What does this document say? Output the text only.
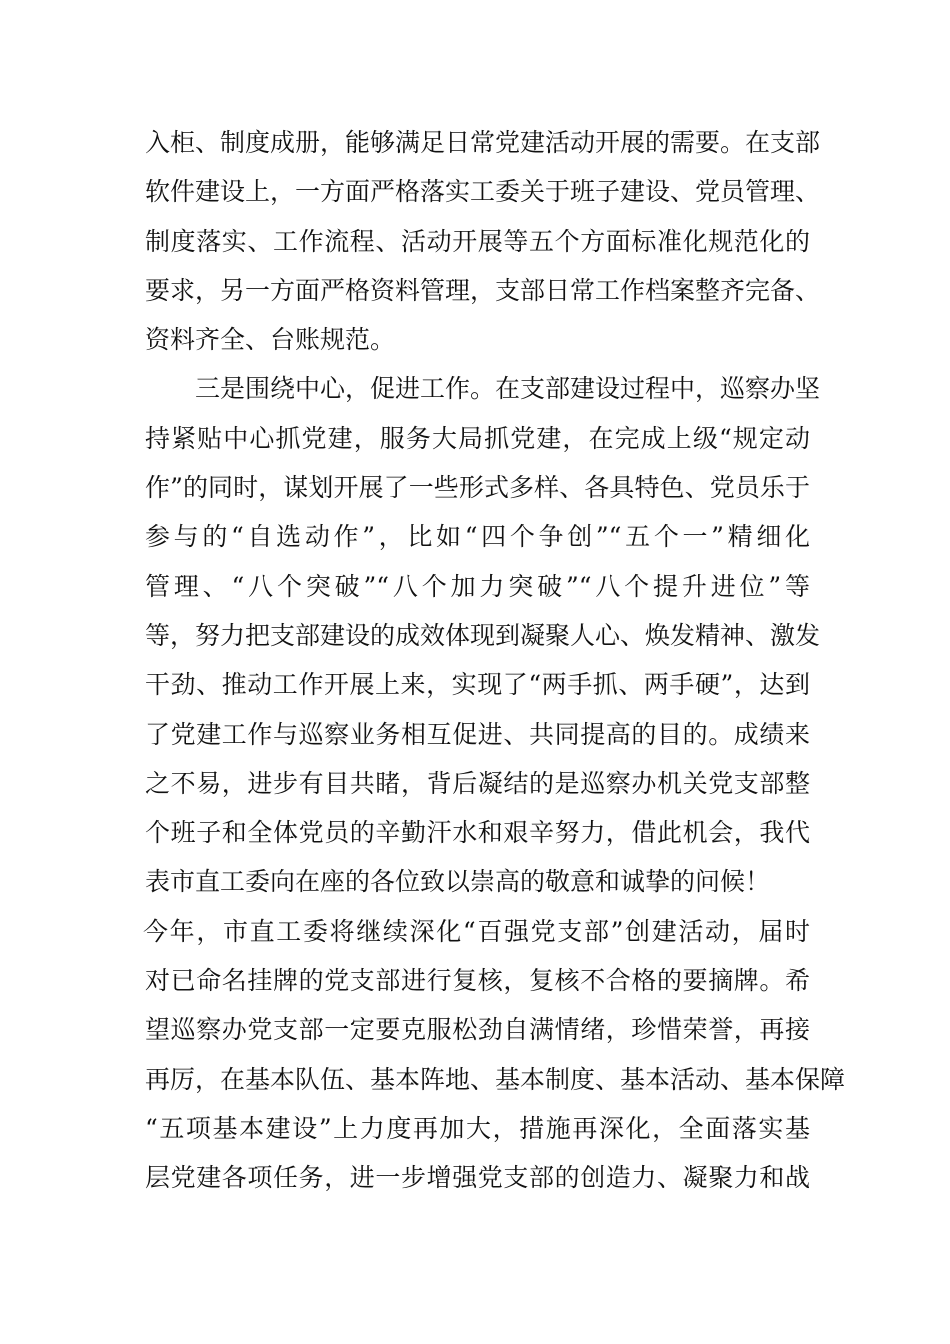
入柜、制度成册，能够满足日常党建活动开展的需要。在支部
软件建设上，一方面严格落实工委关于班子建设、党员管理、
制度落实、工作流程、活动开展等五个方面标准化规范化的
要求，另一方面严格资料管理，支部日常工作档案整齐完备、
资料齐全、台账规范。
三是围绕中心，促进工作。在支部建设过程中，巡察办坚
持紧贴中心抓党建，服务大局抓党建，在完成上级“规定动
作”的同时，谋划开展了一些形式多样、各具特色、党员乐于
参与的“自选动作”，比如“四个争创”“五个一”精细化
管理、“八个突破”“八个加力突破”“八个提升进位”等
等，努力把支部建设的成效体现到凝聚人心、焕发精神、激发
干劲、推动工作开展上来，实现了“两手抓、两手硬”，达到
了党建工作与巡察业务相互促进、共同提高的目的。成绩来
之不易，进步有目共睹，背后凝结的是巡察办机关党支部整
个班子和全体党员的辛勤汗水和艰辛努力，借此机会，我代
表市直工委向在座的各位致以崇高的敬意和诚挚的问候！
今年，市直工委将继续深化“百强党支部”创建活动，届时
对已命名挂牌的党支部进行复核，复核不合格的要摘牌。希
望巡察办党支部一定要克服松劲自满情绪，珍惜荣誉，再接
再厉，在基本队伍、基本阵地、基本制度、基本活动、基本保障
“五项基本建设”上力度再加大，措施再深化，全面落实基
层党建各项任务，进一步增强党支部的创造力、凝聚力和战
